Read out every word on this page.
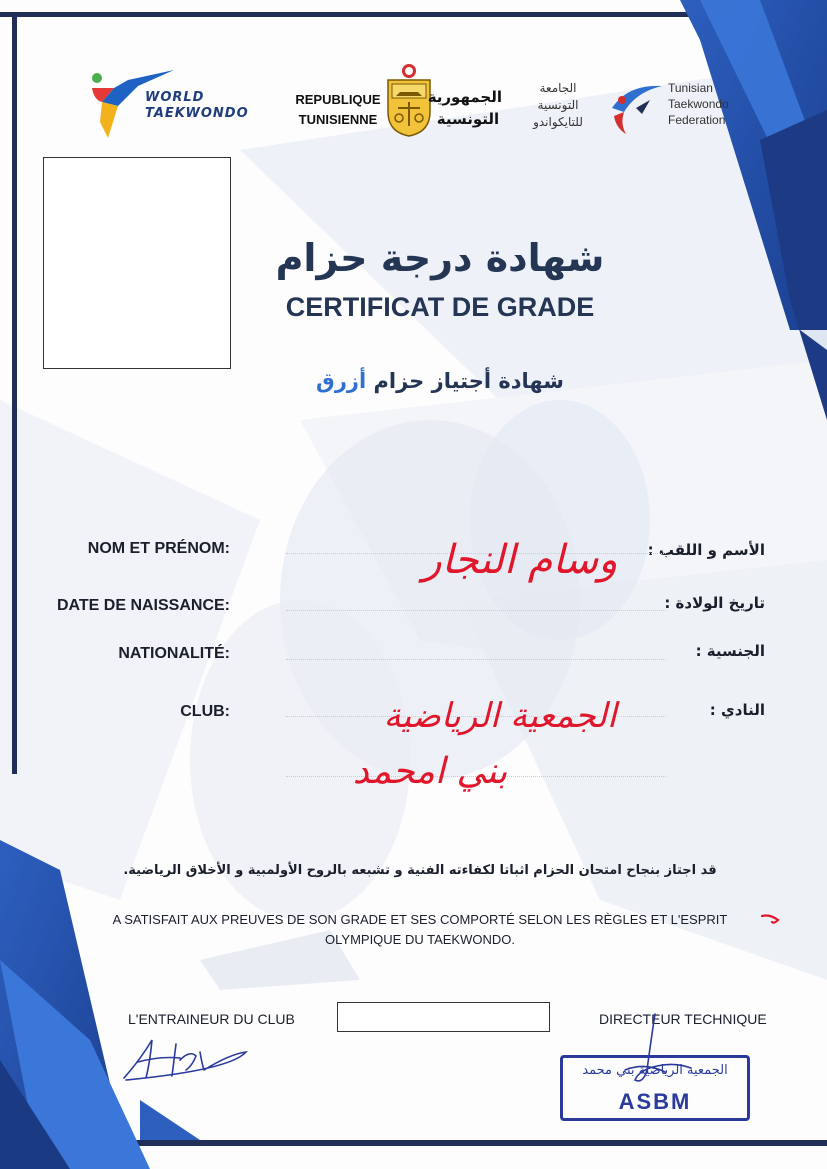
WORLD
TAEKWONDO
REPUBLIQUE
TUNISIENNE
الجمهورية
التونسية
الجامعة
التونسية
للتايكواندو
Tunisian
Taekwondo
Federation
شهادة درجة حزام
CERTIFICAT DE GRADE
شهادة أجتياز حزام أزرق
NOM ET PRÉNOM:	الأسم و اللقب :
وسام النجار
DATE DE NAISSANCE:	تاريخ الولادة :
NATIONALITÉ:	الجنسية :
CLUB:	النادي :
الجمعية الرياضية
بني امحمد
قد اجتاز بنجاح امتحان الحزام اثباتا لكفاءته الفنية و تشبعه بالروح الأولمبية و الأخلاق الرياضية.
A SATISFAIT AUX PREUVES DE SON GRADE ET SES COMPORTÉ SELON LES RÈGLES ET L'ESPRIT
OLYMPIQUE DU TAEKWONDO.
L'ENTRAINEUR DU CLUB	DIRECTEUR TECHNIQUE
الجمعية الرياضية بني محمد
ASBM
